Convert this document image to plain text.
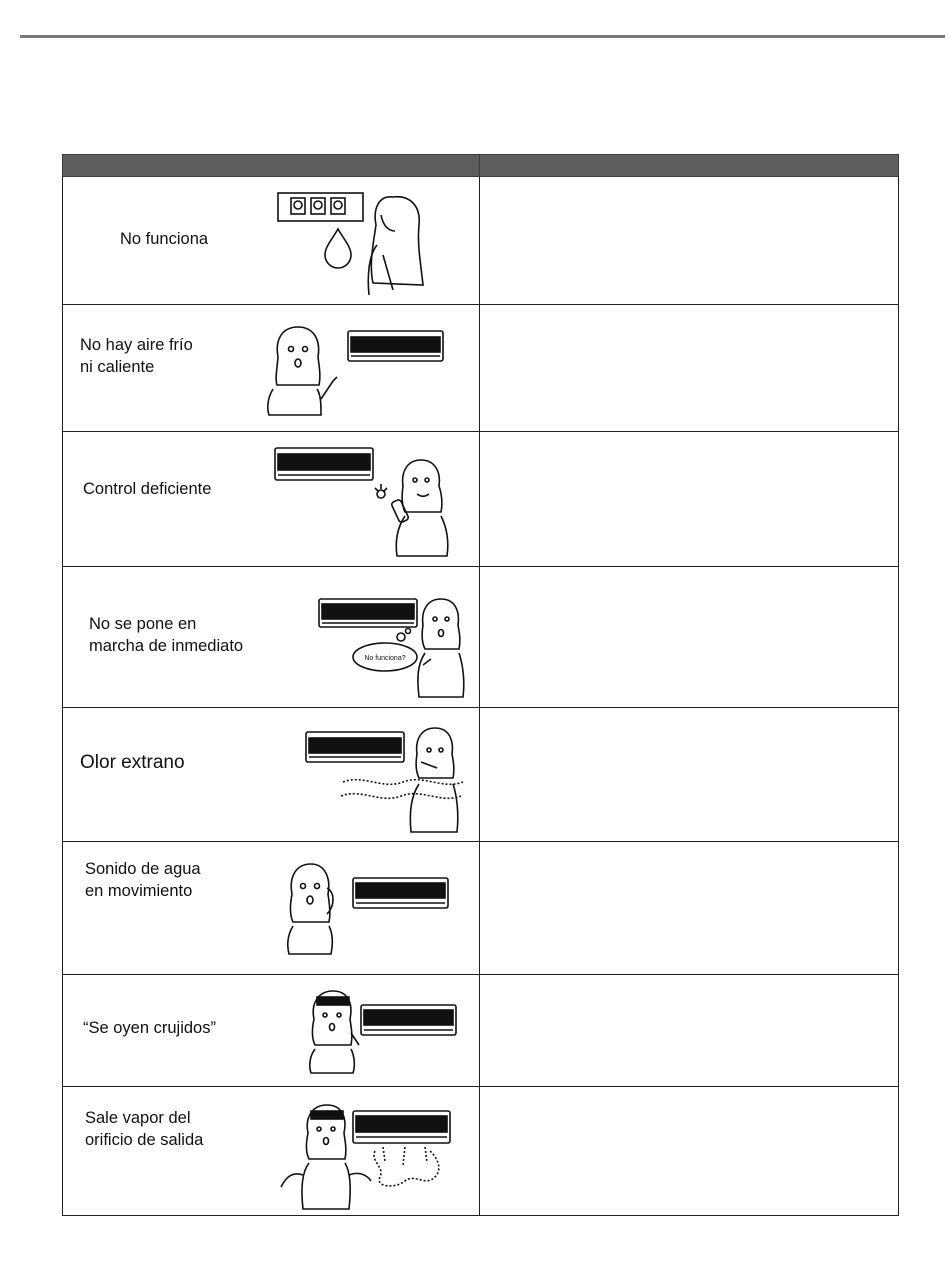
No funciona	

No hay aire frío
ni caliente	

Control deficiente	

No se pone en
marcha de inmediato
No funciona?	

Olor extrano	

Sonido de agua
en movimiento	

“Se oyen crujidos”	

Sale vapor del
orificio de salida	
